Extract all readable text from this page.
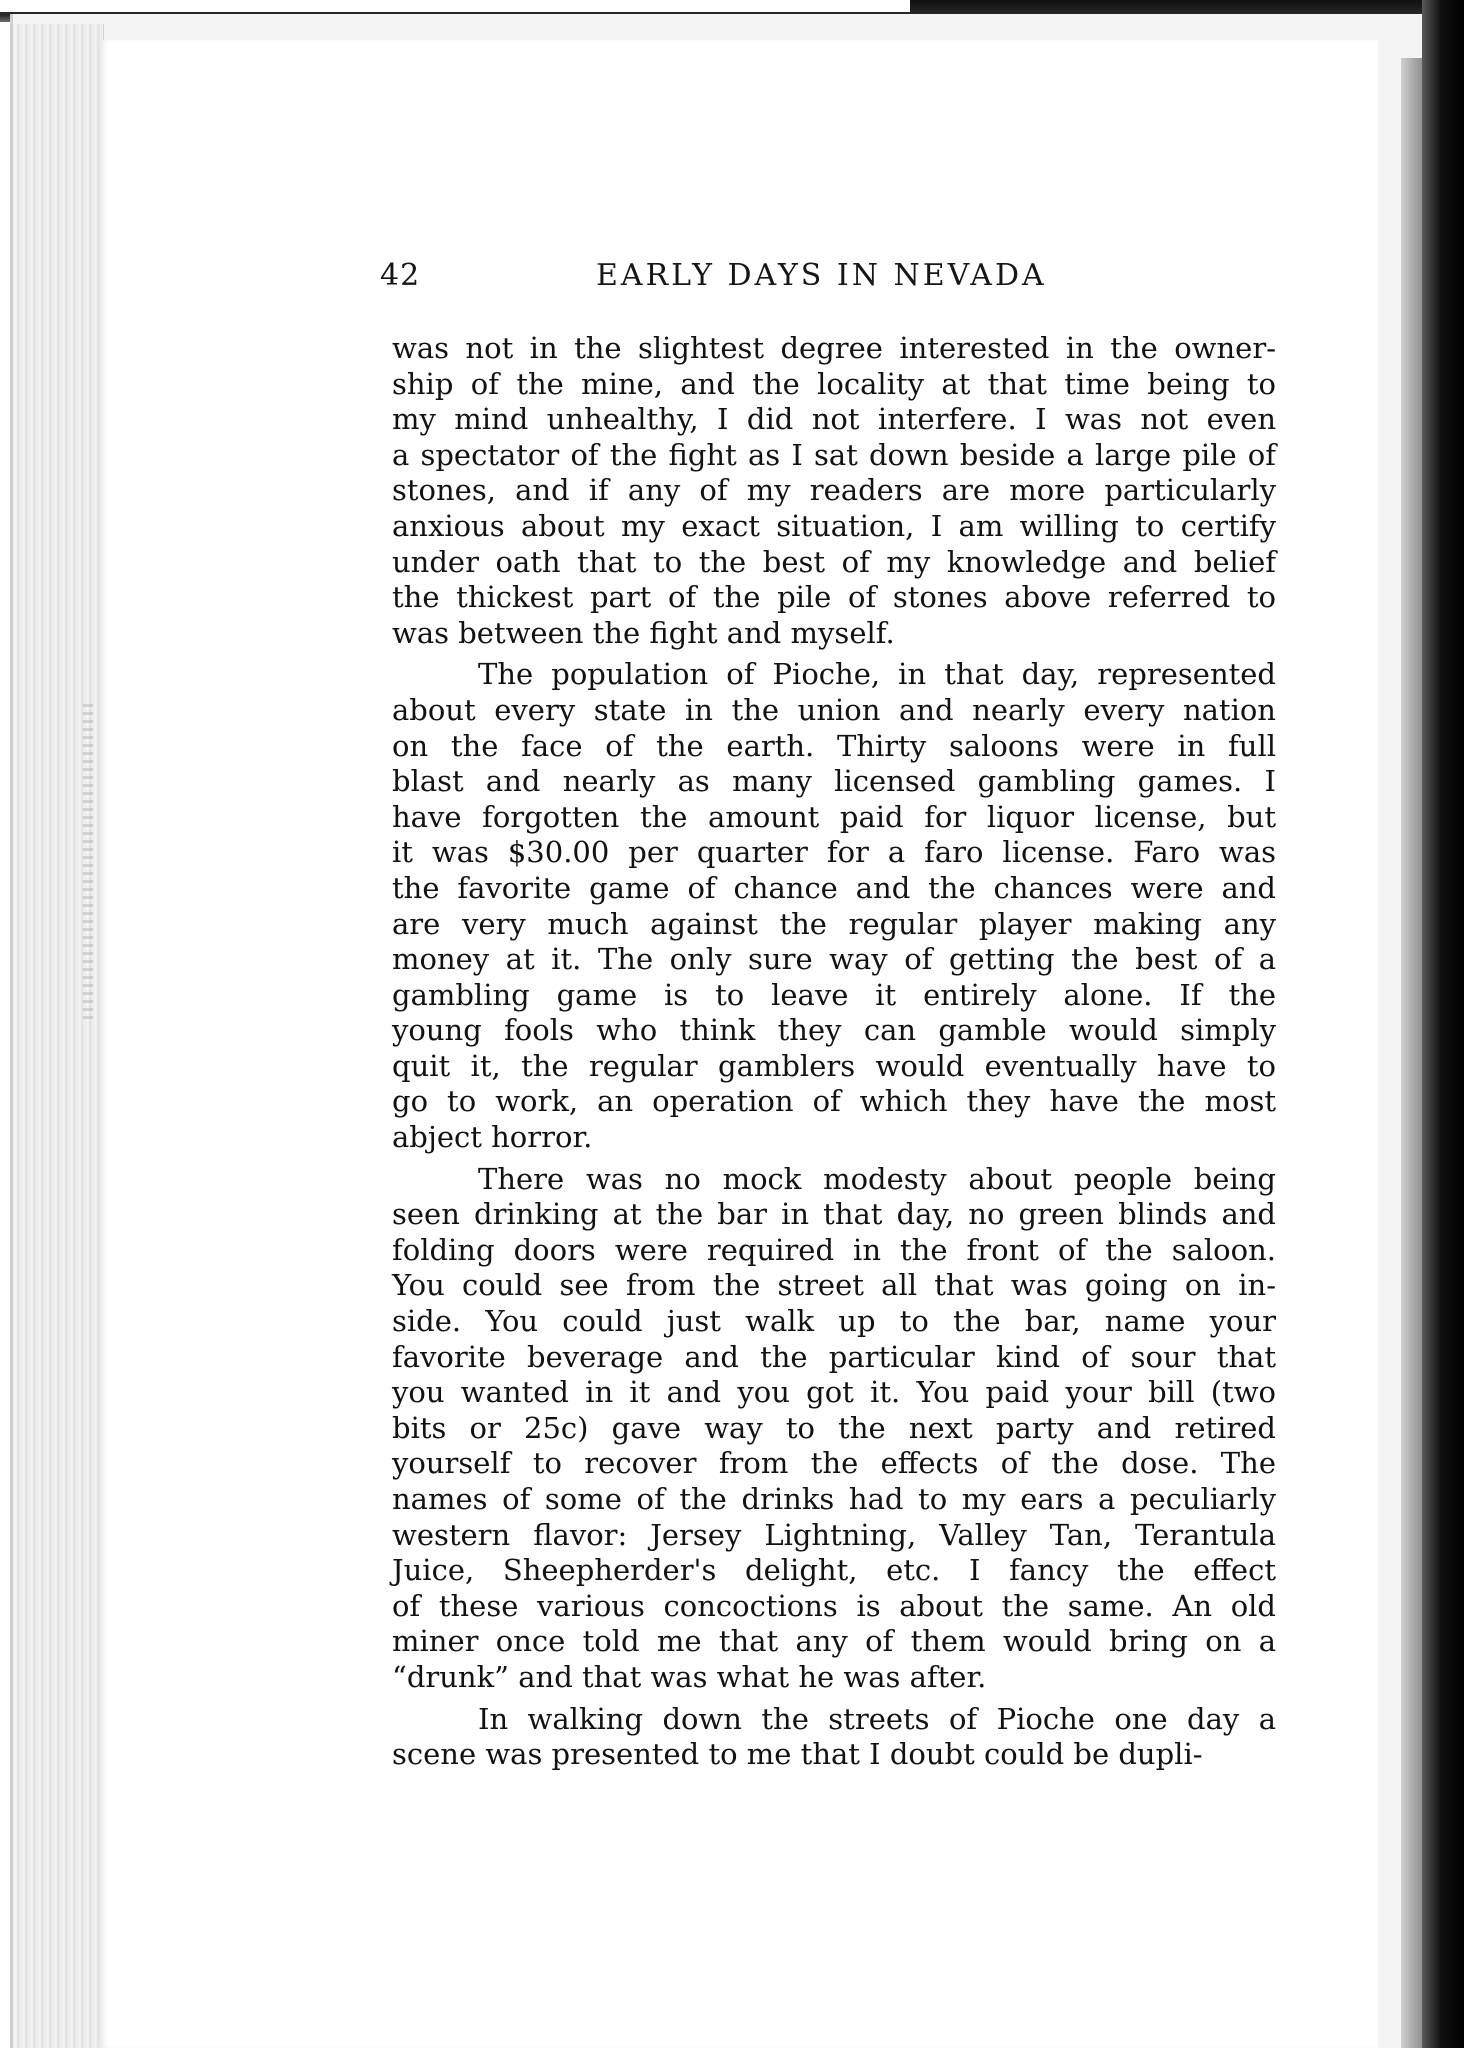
42	EARLY DAYS IN NEVADA
was not in the slightest degree interested in the owner-
ship of the mine, and the locality at that time being to
my mind unhealthy, I did not interfere. I was not even
a spectator of the fight as I sat down beside a large pile of
stones, and if any of my readers are more particularly
anxious about my exact situation, I am willing to certify
under oath that to the best of my knowledge and belief
the thickest part of the pile of stones above referred to
was between the fight and myself.
The population of Pioche, in that day, represented
about every state in the union and nearly every nation
on the face of the earth. Thirty saloons were in full
blast and nearly as many licensed gambling games. I
have forgotten the amount paid for liquor license, but
it was $30.00 per quarter for a faro license. Faro was
the favorite game of chance and the chances were and
are very much against the regular player making any
money at it. The only sure way of getting the best of a
gambling game is to leave it entirely alone. If the
young fools who think they can gamble would simply
quit it, the regular gamblers would eventually have to
go to work, an operation of which they have the most
abject horror.
There was no mock modesty about people being
seen drinking at the bar in that day, no green blinds and
folding doors were required in the front of the saloon.
You could see from the street all that was going on in-
side. You could just walk up to the bar, name your
favorite beverage and the particular kind of sour that
you wanted in it and you got it. You paid your bill (two
bits or 25c) gave way to the next party and retired
yourself to recover from the effects of the dose. The
names of some of the drinks had to my ears a peculiarly
western flavor: Jersey Lightning, Valley Tan, Terantula
Juice, Sheepherder's delight, etc. I fancy the effect
of these various concoctions is about the same. An old
miner once told me that any of them would bring on a
“drunk” and that was what he was after.
In walking down the streets of Pioche one day a
scene was presented to me that I doubt could be dupli-
